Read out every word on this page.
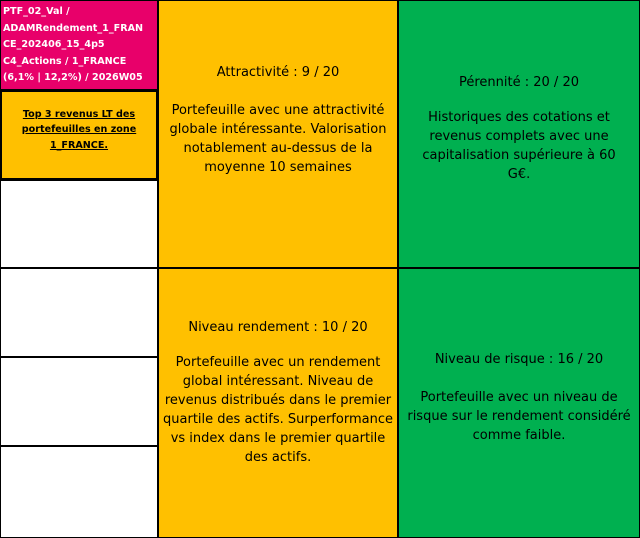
PTF_02_Val /
ADAMRendement_1_FRAN
CE_202406_15_4p5
C4_Actions / 1_FRANCE
(6,1% | 12,2%) / 2026W05
Top 3 revenus LT des
portefeuilles en zone
1_FRANCE.
Attractivité : 9 / 20
Portefeuille avec une attractivité globale intéressante. Valorisation notablement au-dessus de la moyenne 10 semaines
Pérennité : 20 / 20
Historiques des cotations et revenus complets avec une capitalisation supérieure à 60 G€.
Niveau rendement : 10 / 20
Portefeuille avec un rendement global intéressant. Niveau de revenus distribués dans le premier quartile des actifs. Surperformance vs index dans le premier quartile des actifs.
Niveau de risque : 16 / 20
Portefeuille avec un niveau de risque sur le rendement considéré comme faible.
